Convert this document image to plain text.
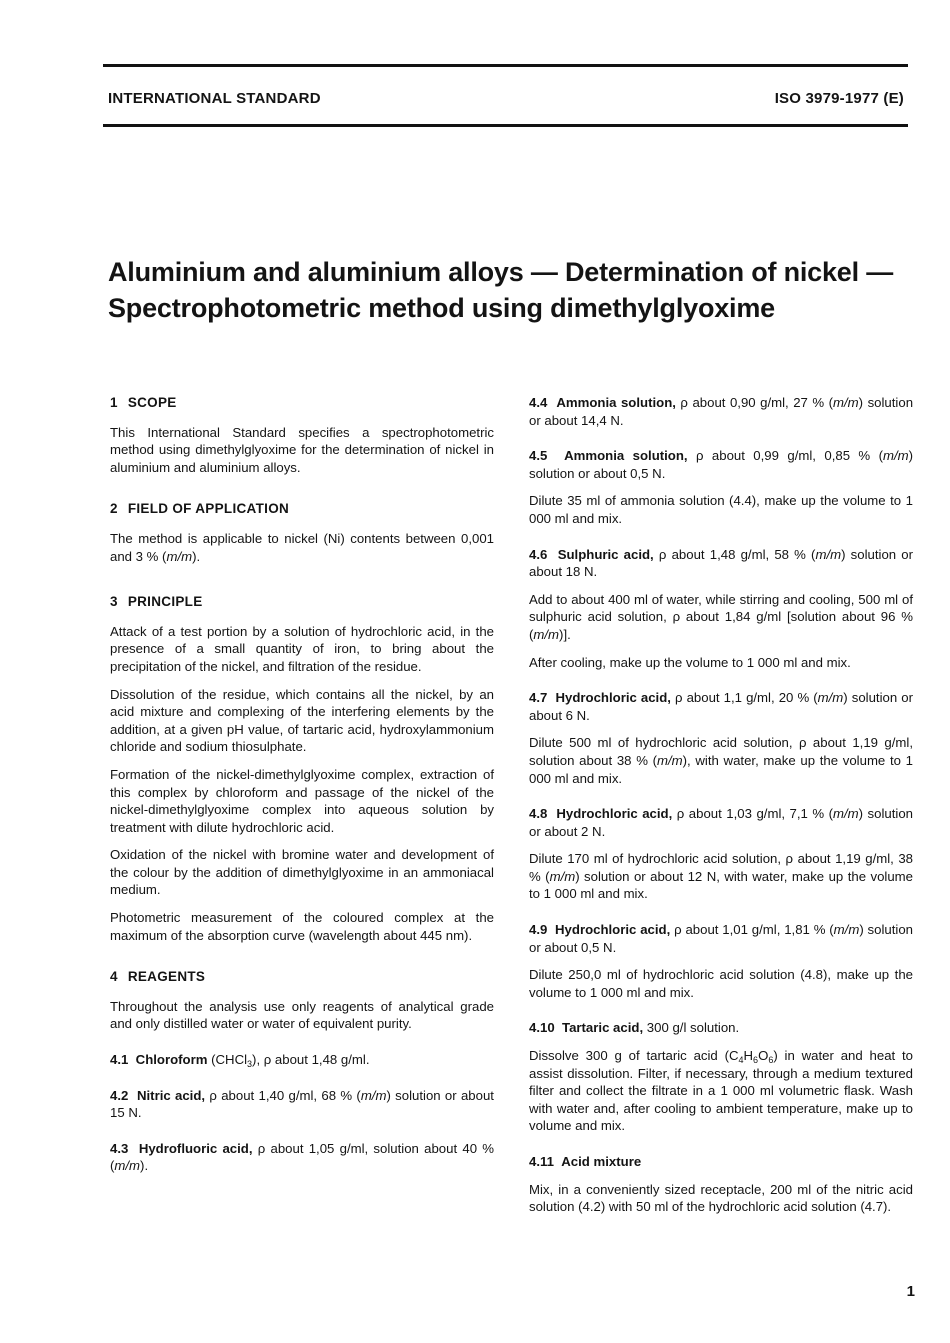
INTERNATIONAL STANDARD	ISO 3979-1977 (E)
Aluminium and aluminium alloys — Determination of nickel —
Spectrophotometric method using dimethylglyoxime
1 SCOPE

This International Standard specifies a spectrophotometric method using dimethylglyoxime for the determination of nickel in aluminium and aluminium alloys.

2 FIELD OF APPLICATION

The method is applicable to nickel (Ni) contents between 0,001 and 3 % (m/m).

3 PRINCIPLE

Attack of a test portion by a solution of hydrochloric acid, in the presence of a small quantity of iron, to bring about the precipitation of the nickel, and filtration of the residue.

Dissolution of the residue, which contains all the nickel, by an acid mixture and complexing of the interfering elements by the addition, at a given pH value, of tartaric acid, hydroxylammonium chloride and sodium thiosulphate.

Formation of the nickel-dimethylglyoxime complex, extraction of this complex by chloroform and passage of the nickel of the nickel-dimethylglyoxime complex into aqueous solution by treatment with dilute hydrochloric acid.

Oxidation of the nickel with bromine water and development of the colour by the addition of dimethylglyoxime in an ammoniacal medium.

Photometric measurement of the coloured complex at the maximum of the absorption curve (wavelength about 445 nm).

4 REAGENTS

Throughout the analysis use only reagents of analytical grade and only distilled water or water of equivalent purity.

4.1 Chloroform (CHCl$_3$), ρ about 1,48 g/ml.

4.2 Nitric acid, ρ about 1,40 g/ml, 68 % (m/m) solution or about 15 N.

4.3 Hydrofluoric acid, ρ about 1,05 g/ml, solution about 40 % (m/m).

4.4 Ammonia solution, ρ about 0,90 g/ml, 27 % (m/m) solution or about 14,4 N.

4.5 Ammonia solution, ρ about 0,99 g/ml, 0,85 % (m/m) solution or about 0,5 N.

Dilute 35 ml of ammonia solution (4.4), make up the volume to 1 000 ml and mix.

4.6 Sulphuric acid, ρ about 1,48 g/ml, 58 % (m/m) solution or about 18 N.

Add to about 400 ml of water, while stirring and cooling, 500 ml of sulphuric acid solution, ρ about 1,84 g/ml [solution about 96 % (m/m)].

After cooling, make up the volume to 1 000 ml and mix.

4.7 Hydrochloric acid, ρ about 1,1 g/ml, 20 % (m/m) solution or about 6 N.

Dilute 500 ml of hydrochloric acid solution, ρ about 1,19 g/ml, solution about 38 % (m/m), with water, make up the volume to 1 000 ml and mix.

4.8 Hydrochloric acid, ρ about 1,03 g/ml, 7,1 % (m/m) solution or about 2 N.

Dilute 170 ml of hydrochloric acid solution, ρ about 1,19 g/ml, 38 % (m/m) solution or about 12 N, with water, make up the volume to 1 000 ml and mix.

4.9 Hydrochloric acid, ρ about 1,01 g/ml, 1,81 % (m/m) solution or about 0,5 N.

Dilute 250,0 ml of hydrochloric acid solution (4.8), make up the volume to 1 000 ml and mix.

4.10 Tartaric acid, 300 g/l solution.

Dissolve 300 g of tartaric acid $(C_4H_6O_6)$ in water and heat to assist dissolution. Filter, if necessary, through a medium textured filter and collect the filtrate in a 1 000 ml volumetric flask. Wash with water and, after cooling to ambient temperature, make up to volume and mix.

4.11 Acid mixture

Mix, in a conveniently sized receptacle, 200 ml of the nitric acid solution (4.2) with 50 ml of the hydrochloric acid solution (4.7).

1
